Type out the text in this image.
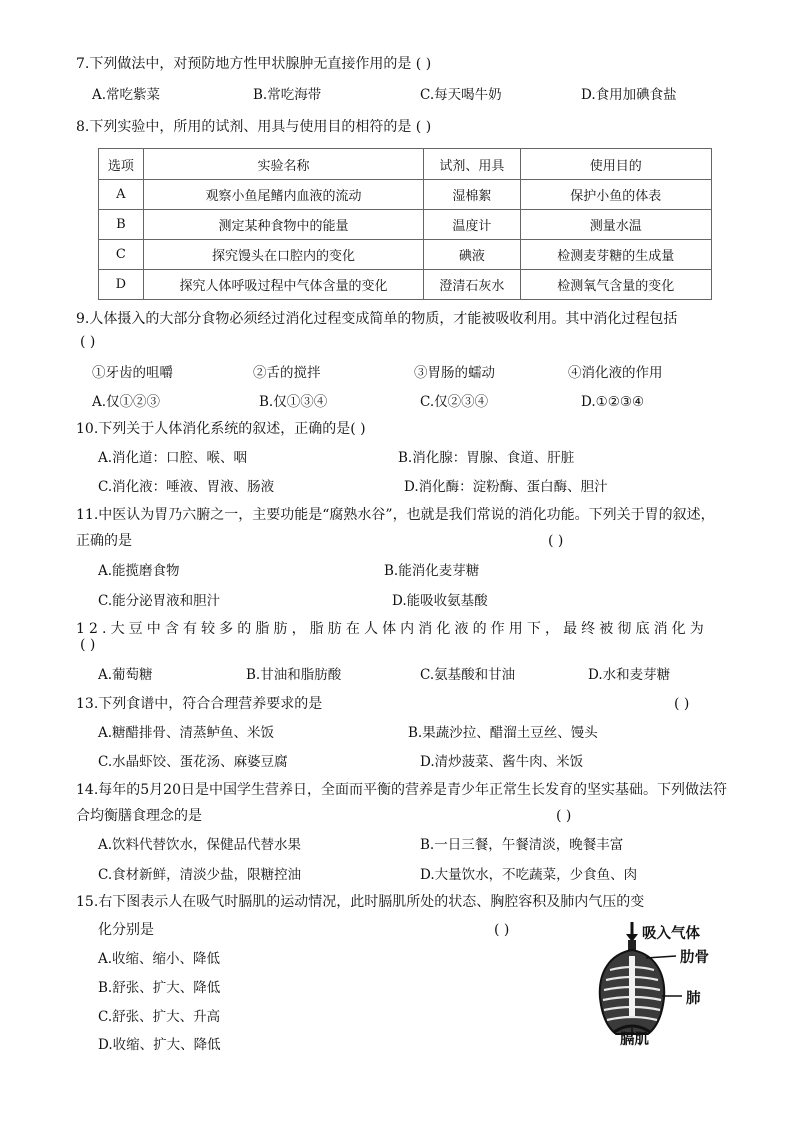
7.下列做法中，对预防地方性甲状腺肿无直接作用的是 ( )
A.常吃紫菜	B.常吃海带	C.每天喝牛奶	D.食用加碘食盐
8.下列实验中，所用的试剂、用具与使用目的相符的是 ( )
选项	实验名称	试剂、用具	使用目的
A	观察小鱼尾鳍内血液的流动	湿棉絮	保护小鱼的体表
B	测定某种食物中的能量	温度计	测量水温
C	探究馒头在口腔内的变化	碘液	检测麦芽糖的生成量
D	探究人体呼吸过程中气体含量的变化	澄清石灰水	检测氧气含量的变化
9.人体摄入的大部分食物必须经过消化过程变成简单的物质，才能被吸收利用。其中消化过程包括
( )
①牙齿的咀嚼	②舌的搅拌	③胃肠的蠕动	④消化液的作用
A.仅①②③	B.仅①③④	C.仅②③④	D.①②③④
10.下列关于人体消化系统的叙述，正确的是( )
A.消化道：口腔、喉、咽	B.消化腺：胃腺、食道、肝脏
C.消化液：唾液、胃液、肠液	D.消化酶：淀粉酶、蛋白酶、胆汁
11.中医认为胃乃六腑之一，主要功能是“腐熟水谷”，也就是我们常说的消化功能。下列关于胃的叙述，
正确的是	( )
A.能揽磨食物	B.能消化麦芽糖
C.能分泌胃液和胆汁	D.能吸收氨基酸
12.大豆中含有较多的脂肪，脂肪在人体内消化液的作用下，最终被彻底消化为
( )
A.葡萄糖	B.甘油和脂肪酸	C.氨基酸和甘油	D.水和麦芽糖
13.下列食谱中，符合合理营养要求的是	( )
A.糖醋排骨、清蒸鲈鱼、米饭	B.果蔬沙拉、醋溜土豆丝、馒头
C.水晶虾饺、蛋花汤、麻婆豆腐	D.清炒菠菜、酱牛肉、米饭
14.每年的5月20日是中国学生营养日，全面而平衡的营养是青少年正常生长发育的坚实基础。下列做法符
合均衡膳食理念的是	( )
A.饮料代替饮水，保健品代替水果	B.一日三餐，午餐清淡，晚餐丰富
C.食材新鲜，清淡少盐，限糖控油	D.大量饮水，不吃蔬菜，少食鱼、肉
15.右下图表示人在吸气时膈肌的运动情况，此时膈肌所处的状态、胸腔容积及肺内气压的变
化分别是	( )
A.收缩、缩小、降低
B.舒张、扩大、降低
C.舒张、扩大、升高
D.收缩、扩大、降低
吸入气体
肋骨
肺
膈肌
